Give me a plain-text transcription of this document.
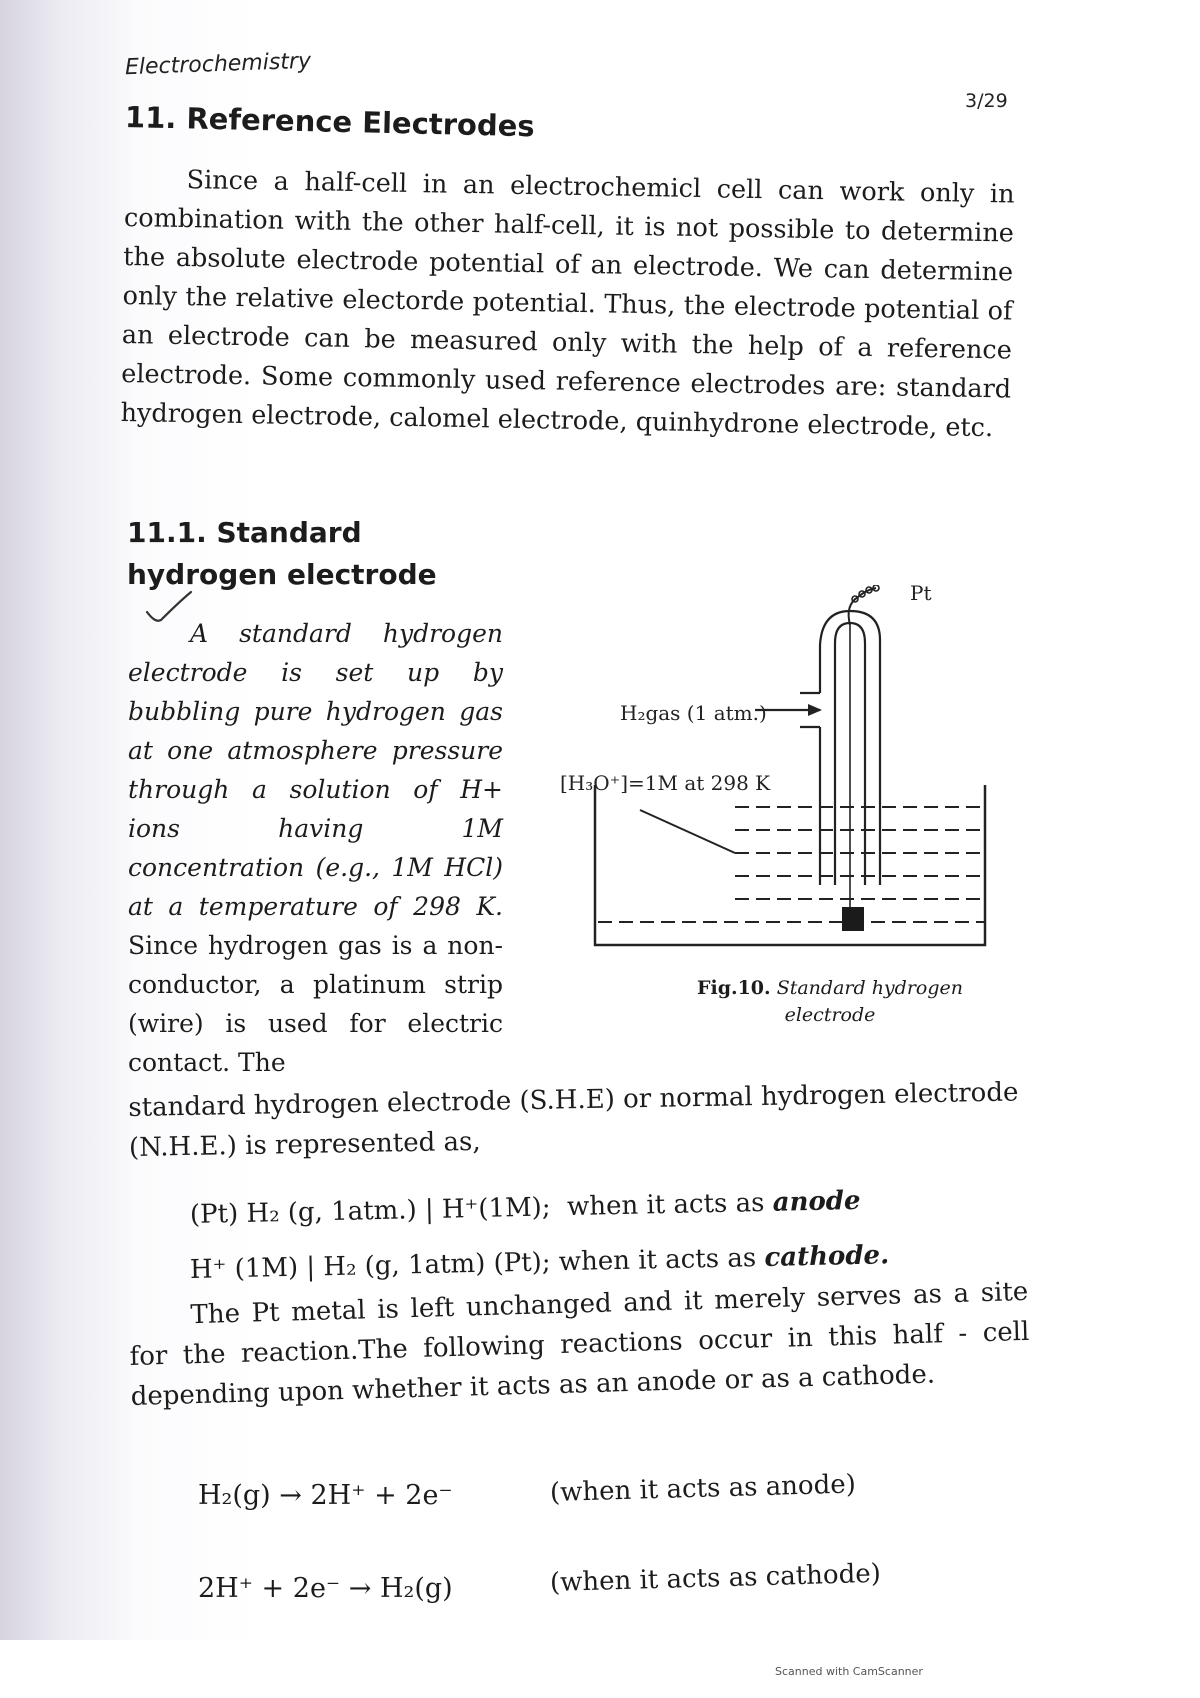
Electrochemistry
3/29
11. Reference Electrodes

Since a half-cell in an electrochemicl cell can work only in combination with the other half-cell, it is not possible to determine the absolute electrode potential of an electrode. We can determine only the relative electorde potential. Thus, the electrode potential of an electrode can be measured only with the help of a reference electrode. Some commonly used reference electrodes are: standard hydrogen electrode, calomel electrode, quinhydrone electrode, etc.

11.1. Standard hydrogen electrode

A standard hydrogen electrode is set up by bubbling pure hydrogen gas at one atmosphere pressure through a solution of H+ ions having 1M concentration (e.g., 1M HCl) at a temperature of 298 K. Since hydrogen gas is a non-conductor, a platinum strip (wire) is used for electric contact. The

standard hydrogen electrode (S.H.E) or normal hydrogen electrode (N.H.E.) is represented as,

Pt
H₂gas (1 atm.)
[H₃O⁺]=1M at 298 K
Fig.10. Standard hydrogen electrode
(Pt) H₂ (g, 1atm.) | H⁺(1M); when it acts as anode
H⁺ (1M) | H₂ (g, 1atm) (Pt); when it acts as cathode.

The Pt metal is left unchanged and it merely serves as a site for the reaction.The following reactions occur in this half - cell depending upon whether it acts as an anode or as a cathode.

H₂(g) → 2H⁺ + 2e⁻	(when it acts as anode)
2H⁺ + 2e⁻ → H₂(g)	(when it acts as cathode)
Scanned with CamScanner
